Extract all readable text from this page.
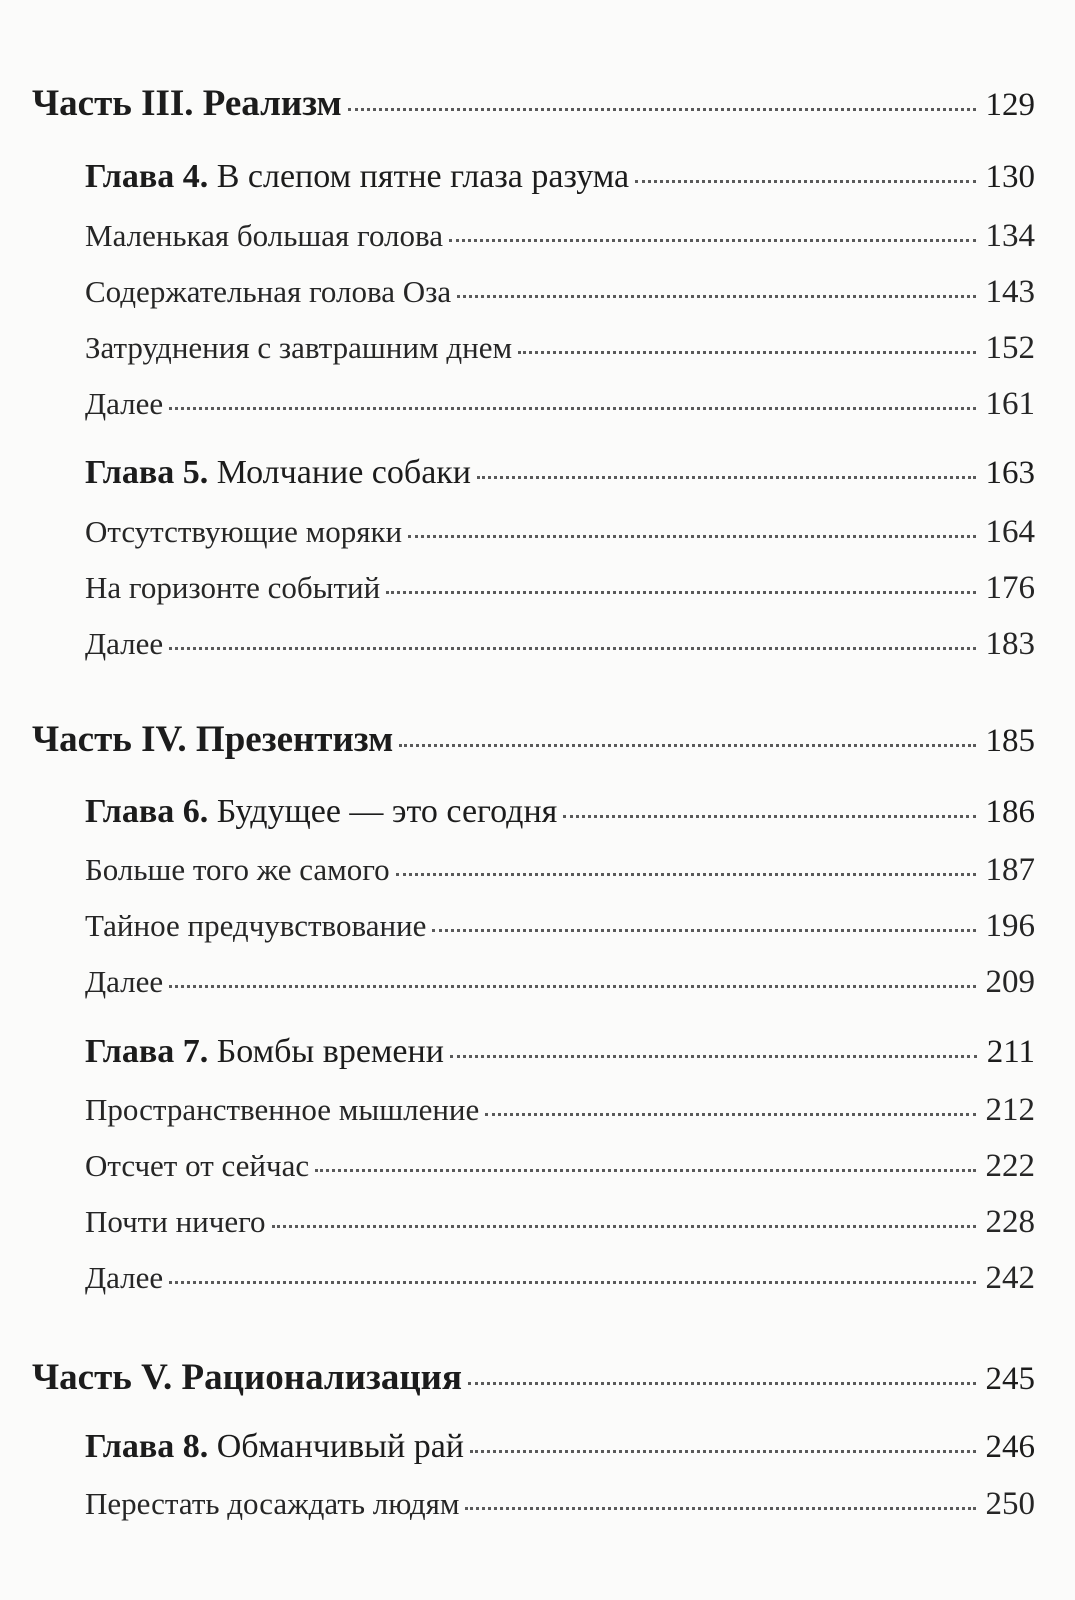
Часть III. Реализм	129
Глава 4. В слепом пятне глаза разума	130
Маленькая большая голова	134
Содержательная голова Оза	143
Затруднения с завтрашним днем	152
Далее	161
Глава 5. Молчание собаки	163
Отсутствующие моряки	164
На горизонте событий	176
Далее	183
Часть IV. Презентизм	185
Глава 6. Будущее — это сегодня	186
Больше того же самого	187
Тайное предчувствование	196
Далее	209
Глава 7. Бомбы времени	211
Пространственное мышление	212
Отсчет от сейчас	222
Почти ничего	228
Далее	242
Часть V. Рационализация	245
Глава 8. Обманчивый рай	246
Перестать досаждать людям	250
